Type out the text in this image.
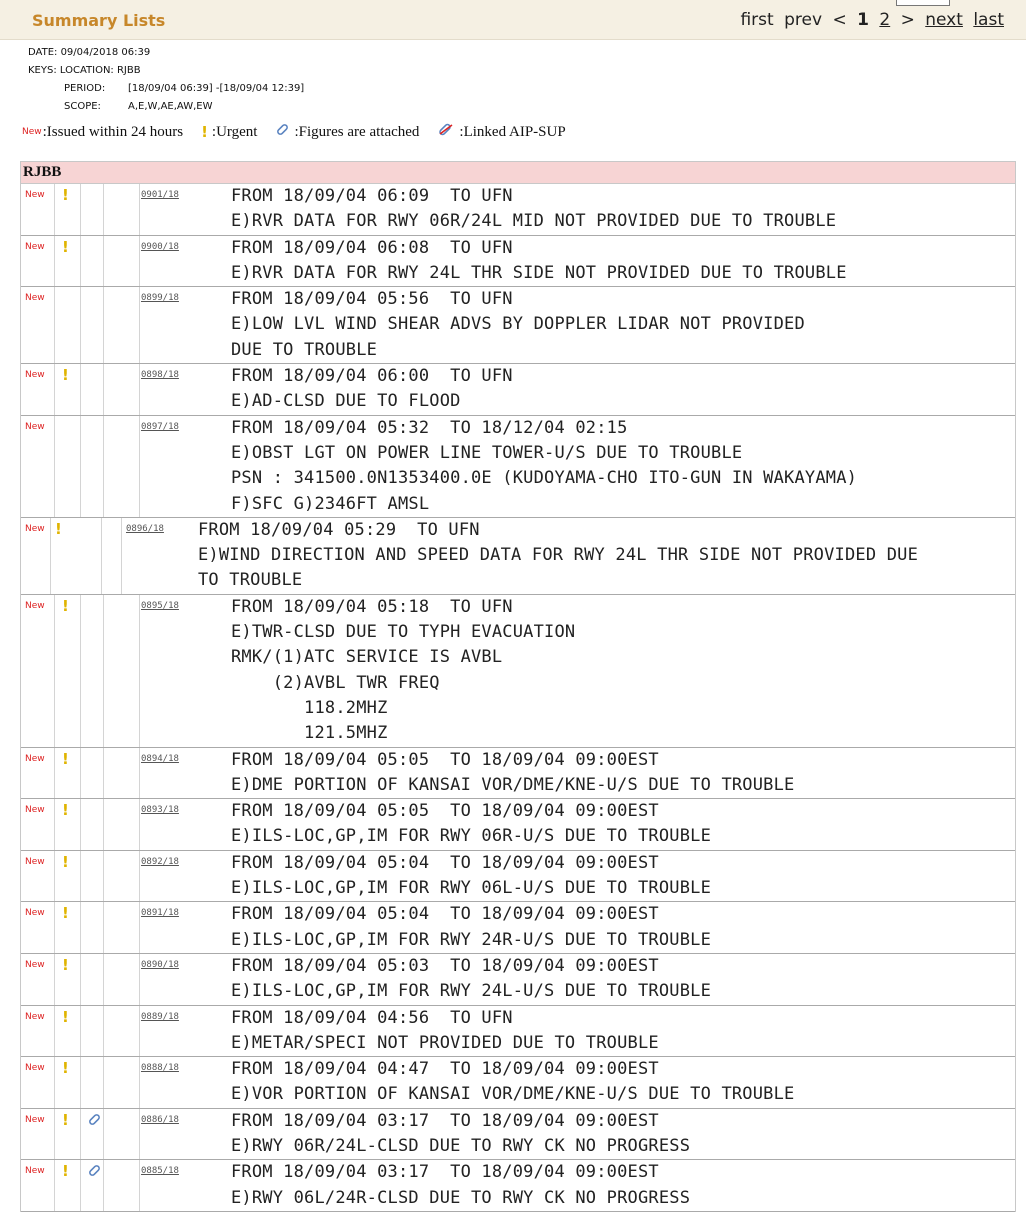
Summary Lists	first prev < 1 2 > next last
DATE: 09/04/2018 06:39
KEYS: LOCATION: RJBB
PERIOD:	[18/09/04 06:39] -[18/09/04 12:39]
SCOPE:	A,E,W,AE,AW,EW
New :Issued within 24 hours ! :Urgent :Figures are attached	:Linked AIP-SUP
RJBB
New !	0901/18	FROM 18/09/04 06:09  TO UFN
E)RVR DATA FOR RWY 06R/24L MID NOT PROVIDED DUE TO TROUBLE
New !	0900/18	FROM 18/09/04 06:08  TO UFN
E)RVR DATA FOR RWY 24L THR SIDE NOT PROVIDED DUE TO TROUBLE
New	0899/18	FROM 18/09/04 05:56  TO UFN
E)LOW LVL WIND SHEAR ADVS BY DOPPLER LIDAR NOT PROVIDED
DUE TO TROUBLE
New !	0898/18	FROM 18/09/04 06:00  TO UFN
E)AD-CLSD DUE TO FLOOD
New	0897/18	FROM 18/09/04 05:32  TO 18/12/04 02:15
E)OBST LGT ON POWER LINE TOWER-U/S DUE TO TROUBLE
PSN : 341500.0N1353400.0E (KUDOYAMA-CHO ITO-GUN IN WAKAYAMA)
F)SFC G)2346FT AMSL
New !	0896/18 FROM 18/09/04 05:29  TO UFN
E)WIND DIRECTION AND SPEED DATA FOR RWY 24L THR SIDE NOT PROVIDED DUE
TO TROUBLE
New !	0895/18	FROM 18/09/04 05:18  TO UFN
E)TWR-CLSD DUE TO TYPH EVACUATION
RMK/(1)ATC SERVICE IS AVBL
(2)AVBL TWR FREQ
118.2MHZ
121.5MHZ
New !	0894/18	FROM 18/09/04 05:05  TO 18/09/04 09:00EST
E)DME PORTION OF KANSAI VOR/DME/KNE-U/S DUE TO TROUBLE
New !	0893/18	FROM 18/09/04 05:05  TO 18/09/04 09:00EST
E)ILS-LOC,GP,IM FOR RWY 06R-U/S DUE TO TROUBLE
New !	0892/18	FROM 18/09/04 05:04  TO 18/09/04 09:00EST
E)ILS-LOC,GP,IM FOR RWY 06L-U/S DUE TO TROUBLE
New !	0891/18	FROM 18/09/04 05:04  TO 18/09/04 09:00EST
E)ILS-LOC,GP,IM FOR RWY 24R-U/S DUE TO TROUBLE
New !	0890/18	FROM 18/09/04 05:03  TO 18/09/04 09:00EST
E)ILS-LOC,GP,IM FOR RWY 24L-U/S DUE TO TROUBLE
New !	0889/18	FROM 18/09/04 04:56  TO UFN
E)METAR/SPECI NOT PROVIDED DUE TO TROUBLE
New !	0888/18	FROM 18/09/04 04:47  TO 18/09/04 09:00EST
E)VOR PORTION OF KANSAI VOR/DME/KNE-U/S DUE TO TROUBLE
New !	0886/18	FROM 18/09/04 03:17  TO 18/09/04 09:00EST
E)RWY 06R/24L-CLSD DUE TO RWY CK NO PROGRESS
New !	0885/18	FROM 18/09/04 03:17  TO 18/09/04 09:00EST
E)RWY 06L/24R-CLSD DUE TO RWY CK NO PROGRESS
